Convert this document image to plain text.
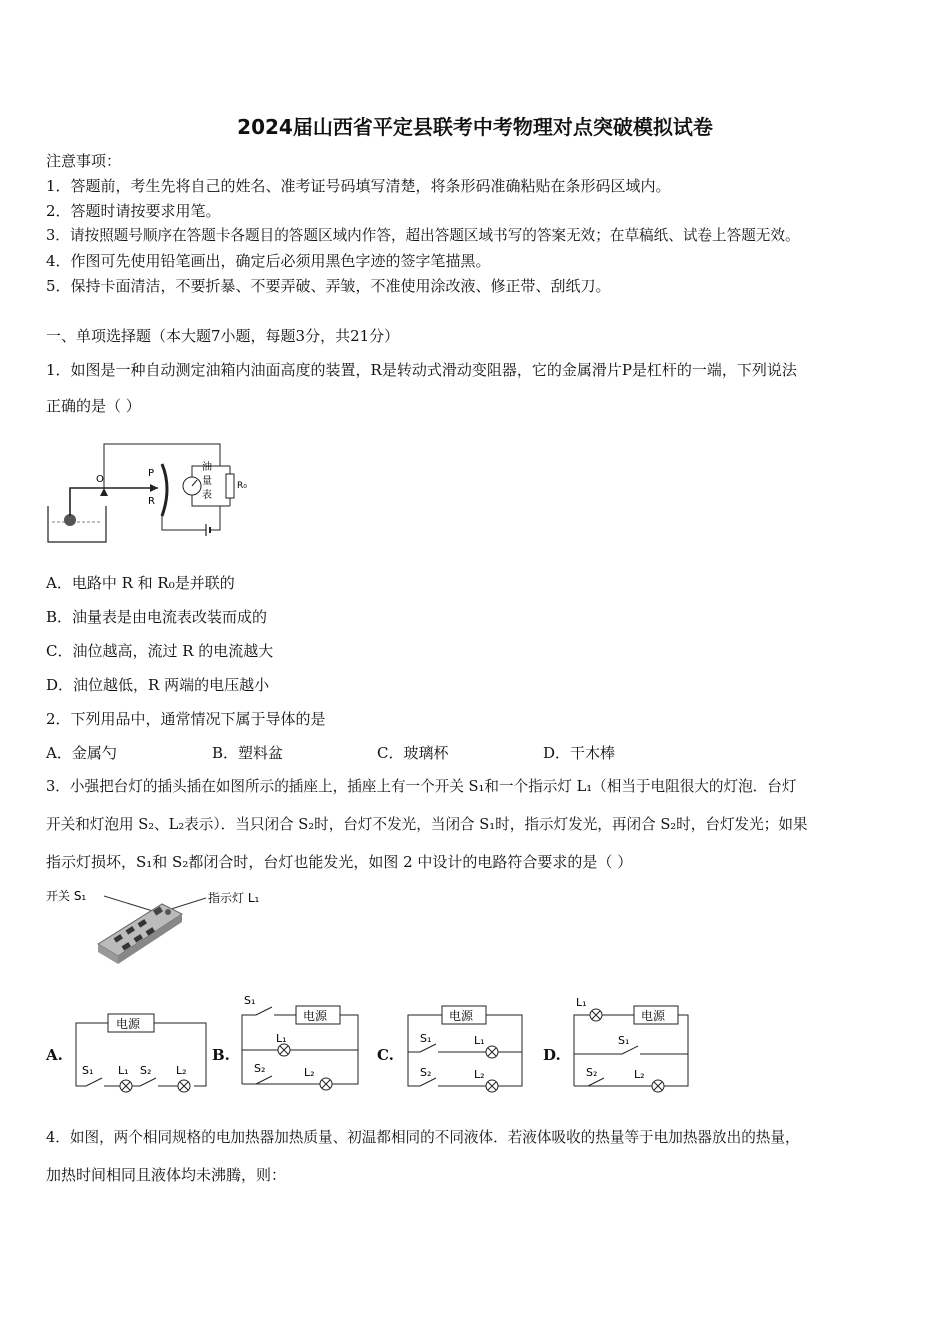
2024届山西省平定县联考中考物理对点突破模拟试卷
注意事项：
1．答题前，考生先将自己的姓名、准考证号码填写清楚，将条形码准确粘贴在条形码区域内。
2．答题时请按要求用笔。
3．请按照题号顺序在答题卡各题目的答题区域内作答，超出答题区域书写的答案无效；在草稿纸、试卷上答题无效。
4．作图可先使用铅笔画出，确定后必须用黑色字迹的签字笔描黑。
5．保持卡面清洁，不要折暴、不要弄破、弄皱，不准使用涂改液、修正带、刮纸刀。
一、单项选择题（本大题7小题，每题3分，共21分）
1．如图是一种自动测定油箱内油面高度的装置，R是转动式滑动变阻器，它的金属滑片P是杠杆的一端，下列说法
正确的是（ ）
O
P
R
油
量
表
R₀
A．电路中 R 和 R₀是并联的
B．油量表是由电流表改装而成的
C．油位越高，流过 R 的电流越大
D．油位越低，R 两端的电压越小
2．下列用品中，通常情况下属于导体的是
A．金属勺	B．塑料盆	C．玻璃杯	D．干木棒
3．小强把台灯的插头插在如图所示的插座上，插座上有一个开关 S₁和一个指示灯 L₁（相当于电阻很大的灯泡．台灯
开关和灯泡用 S₂、L₂表示）．当只闭合 S₂时，台灯不发光，当闭合 S₁时，指示灯发光，再闭合 S₂时，台灯发光；如果
指示灯损坏，S₁和 S₂都闭合时，台灯也能发光，如图 2 中设计的电路符合要求的是（ ）
开关 S₁	指示灯 L₁
A.
电源
S₁ L₁ S₂ L₂
B.
电源
S₁
L₁
S₂	L₂
C.
电源
S₁	L₁
S₂	L₂
D.
电源
L₁
S₁
S₂	L₂
4．如图，两个相同规格的电加热器加热质量、初温都相同的不同液体．若液体吸收的热量等于电加热器放出的热量，
加热时间相同且液体均未沸腾，则：
